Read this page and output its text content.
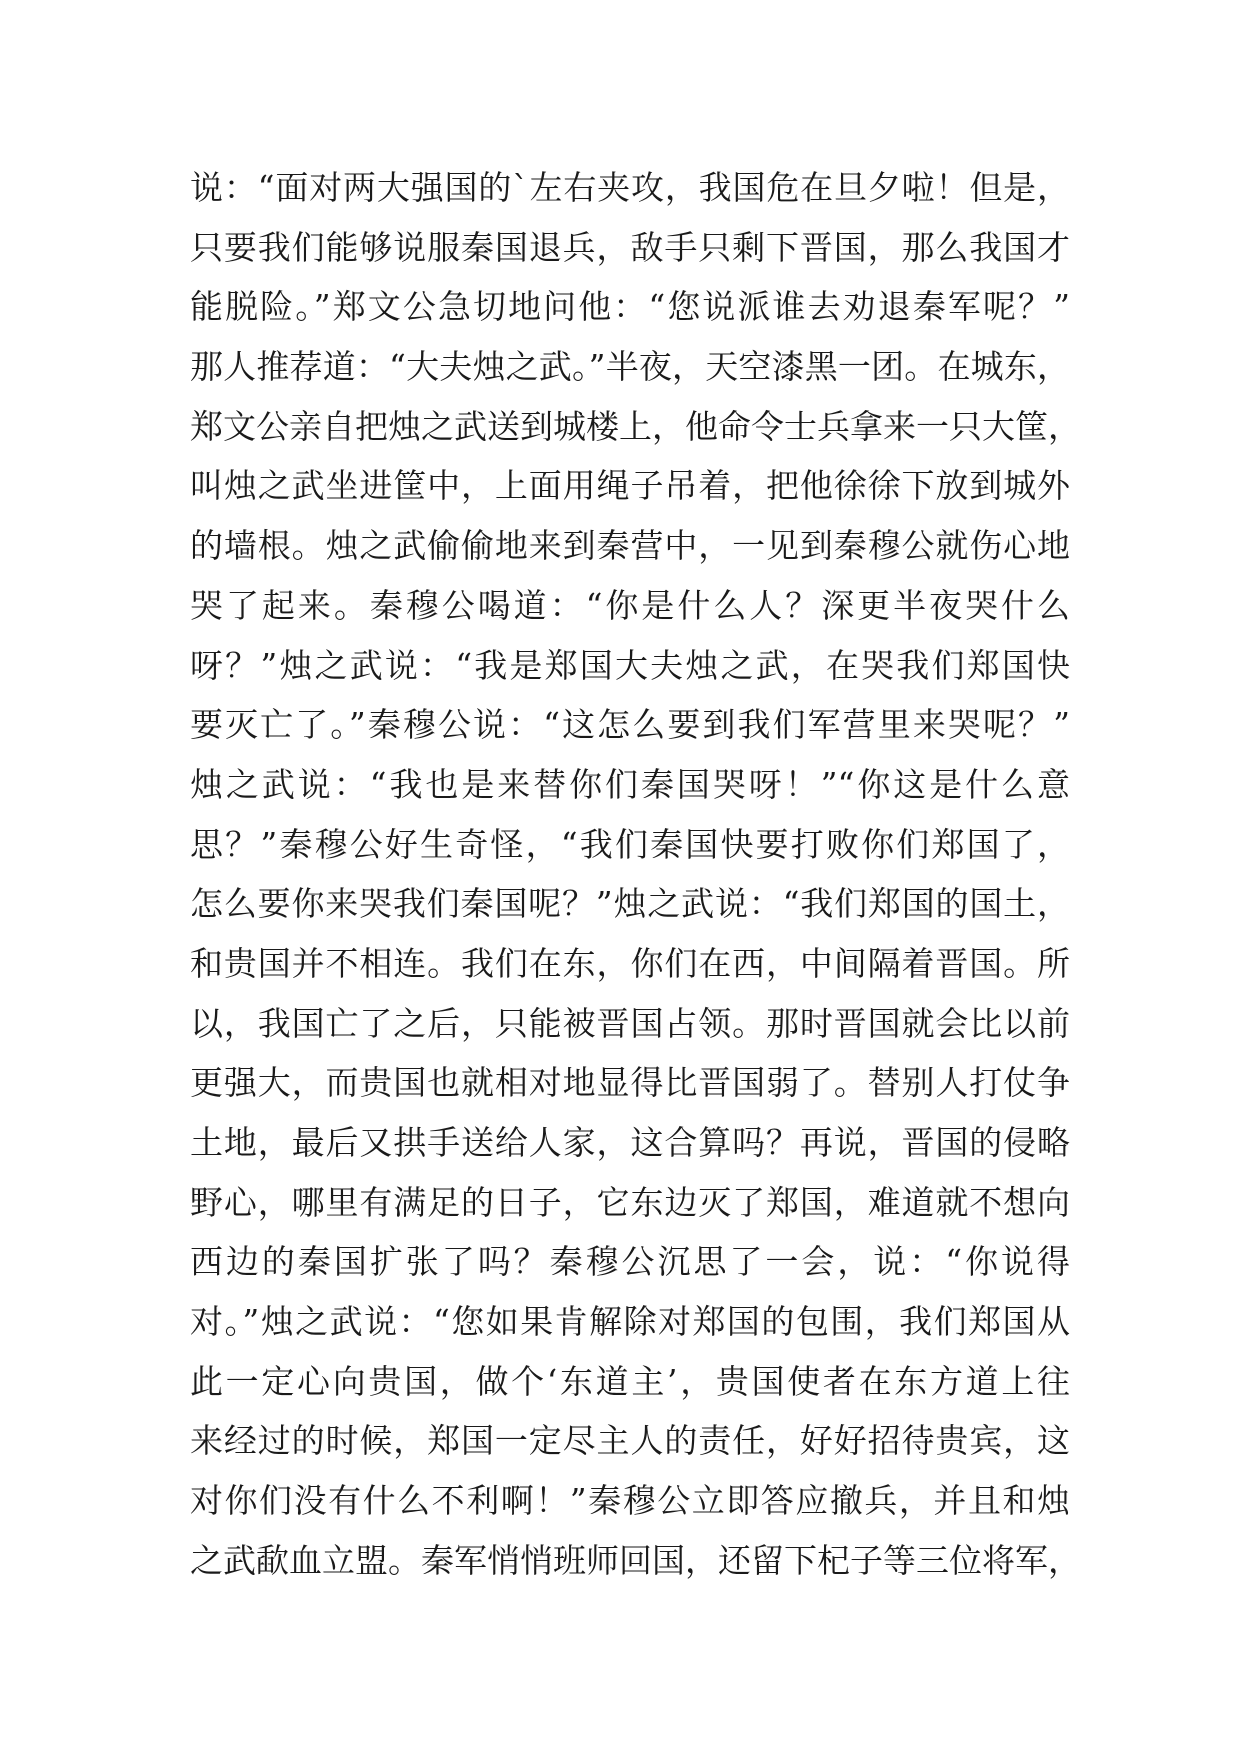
说：“面对两大强国的`左右夹攻，我国危在旦夕啦！但是，
只要我们能够说服秦国退兵，敌手只剩下晋国，那么我国才
能脱险。”郑文公急切地问他：“您说派谁去劝退秦军呢？”
那人推荐道：“大夫烛之武。”半夜，天空漆黑一团。在城东，
郑文公亲自把烛之武送到城楼上，他命令士兵拿来一只大筐，
叫烛之武坐进筐中，上面用绳子吊着，把他徐徐下放到城外
的墙根。烛之武偷偷地来到秦营中，一见到秦穆公就伤心地
哭了起来。秦穆公喝道：“你是什么人？深更半夜哭什么
呀？”烛之武说：“我是郑国大夫烛之武，在哭我们郑国快
要灭亡了。”秦穆公说：“这怎么要到我们军营里来哭呢？”
烛之武说：“我也是来替你们秦国哭呀！”“你这是什么意
思？”秦穆公好生奇怪，“我们秦国快要打败你们郑国了，
怎么要你来哭我们秦国呢？”烛之武说：“我们郑国的国土，
和贵国并不相连。我们在东，你们在西，中间隔着晋国。所
以，我国亡了之后，只能被晋国占领。那时晋国就会比以前
更强大，而贵国也就相对地显得比晋国弱了。替别人打仗争
土地，最后又拱手送给人家，这合算吗？再说，晋国的侵略
野心，哪里有满足的日子，它东边灭了郑国，难道就不想向
西边的秦国扩张了吗？秦穆公沉思了一会，说：“你说得
对。”烛之武说：“您如果肯解除对郑国的包围，我们郑国从
此一定心向贵国，做个‘东道主’，贵国使者在东方道上往
来经过的时候，郑国一定尽主人的责任，好好招待贵宾，这
对你们没有什么不利啊！”秦穆公立即答应撤兵，并且和烛
之武歃血立盟。秦军悄悄班师回国，还留下杞子等三位将军，
